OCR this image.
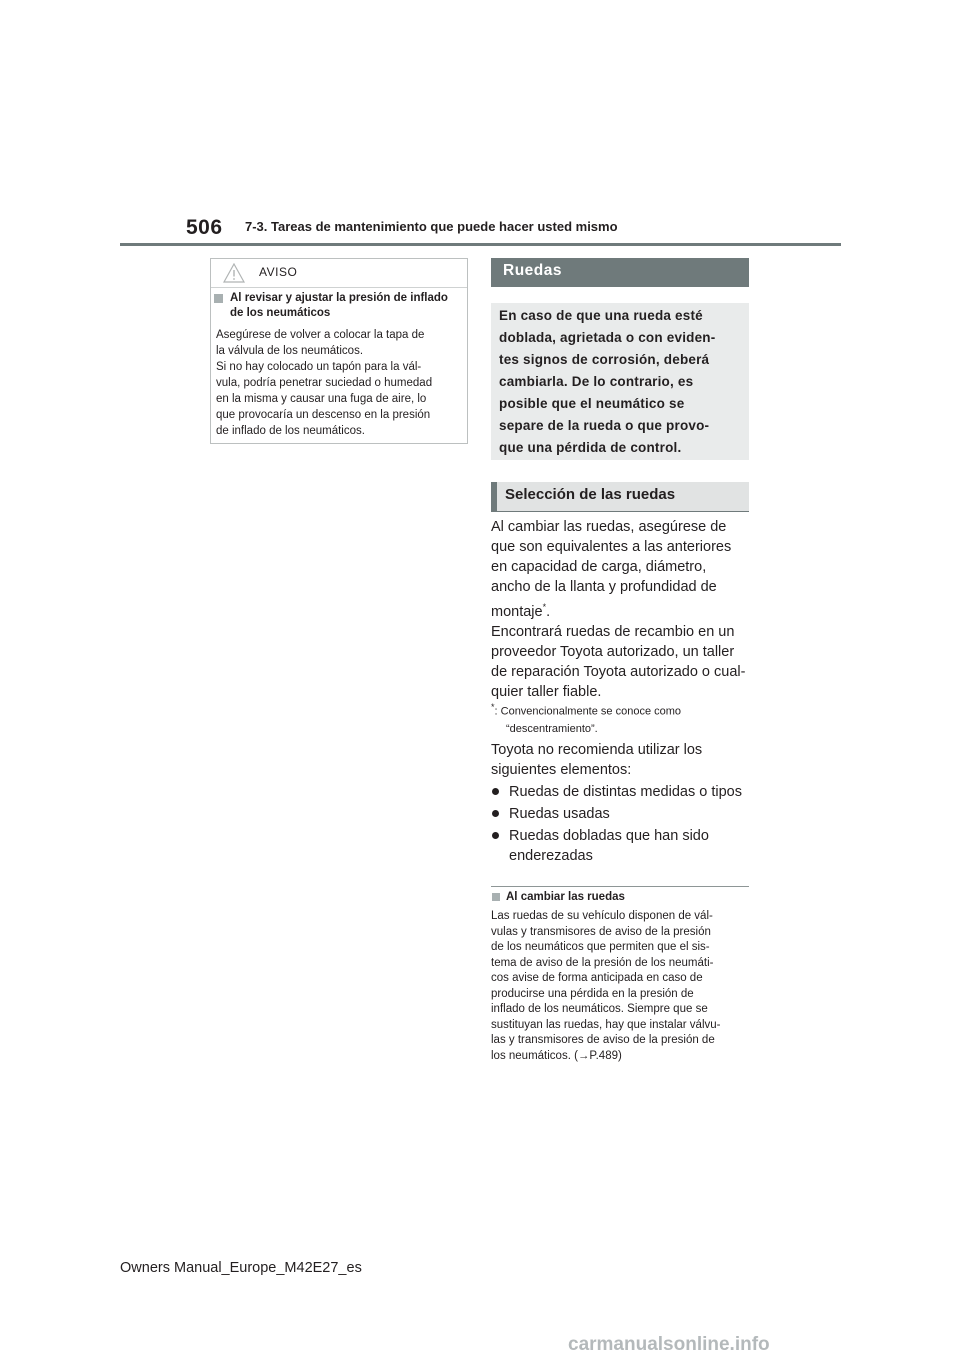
506 7-3. Tareas de mantenimiento que puede hacer usted mismo
AVISO
Al revisar y ajustar la presión de inflado de los neumáticos
Asegúrese de volver a colocar la tapa de
la válvula de los neumáticos.
Si no hay colocado un tapón para la vál-
vula, podría penetrar suciedad o humedad
en la misma y causar una fuga de aire, lo
que provocaría un descenso en la presión
de inflado de los neumáticos.
Ruedas
En caso de que una rueda esté
doblada, agrietada o con eviden-
tes signos de corrosión, deberá
cambiarla. De lo contrario, es
posible que el neumático se
separe de la rueda o que provo-
que una pérdida de control.
Selección de las ruedas
Al cambiar las ruedas, asegúrese de
que son equivalentes a las anteriores
en capacidad de carga, diámetro,
ancho de la llanta y profundidad de
montaje*.
Encontrará ruedas de recambio en un
proveedor Toyota autorizado, un taller
de reparación Toyota autorizado o cual-
quier taller fiable.
*: Convencionalmente se conoce como
“descentramiento”.
Toyota no recomienda utilizar los
siguientes elementos:
Ruedas de distintas medidas o tipos
Ruedas usadas
Ruedas dobladas que han sido enderezadas
Al cambiar las ruedas
Las ruedas de su vehículo disponen de vál-
vulas y transmisores de aviso de la presión
de los neumáticos que permiten que el sis-
tema de aviso de la presión de los neumáti-
cos avise de forma anticipada en caso de
producirse una pérdida en la presión de
inflado de los neumáticos. Siempre que se
sustituyan las ruedas, hay que instalar válvu-
las y transmisores de aviso de la presión de
los neumáticos. (→P.489)
Owners Manual_Europe_M42E27_es
carmanualsonline.info
